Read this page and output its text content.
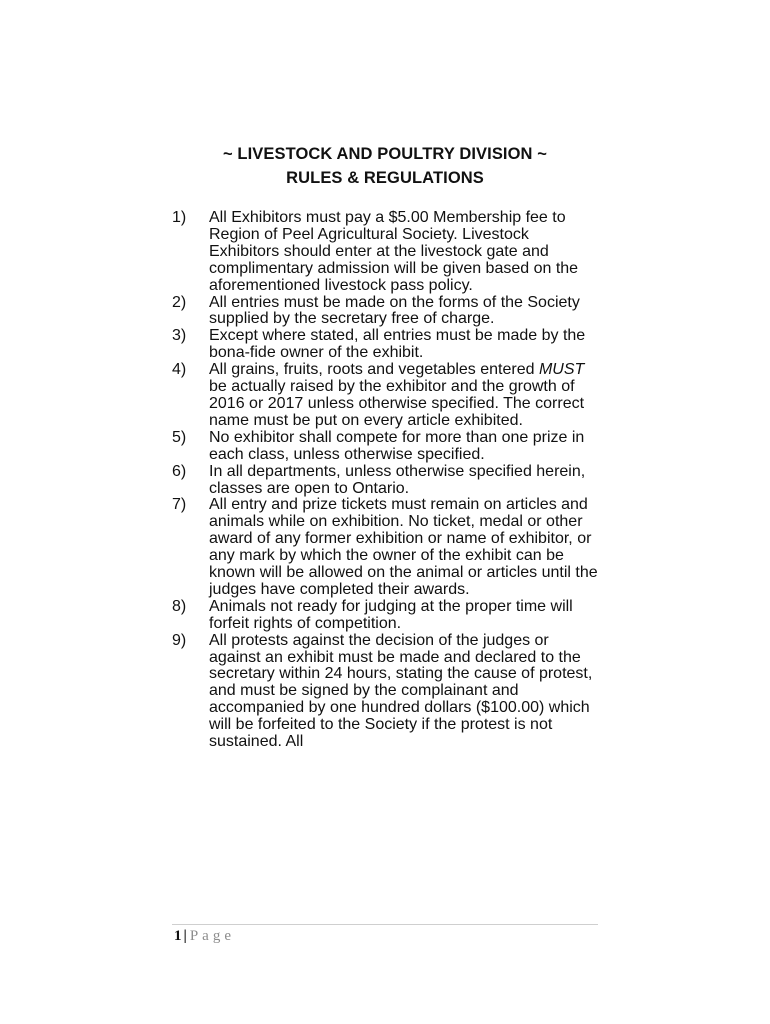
~ LIVESTOCK AND POULTRY DIVISION ~
RULES & REGULATIONS
1) All Exhibitors must pay a $5.00 Membership fee to Region of Peel Agricultural Society. Livestock Exhibitors should enter at the livestock gate and complimentary admission will be given based on the aforementioned livestock pass policy.
2) All entries must be made on the forms of the Society supplied by the secretary free of charge.
3) Except where stated, all entries must be made by the bona-fide owner of the exhibit.
4) All grains, fruits, roots and vegetables entered MUST be actually raised by the exhibitor and the growth of 2016 or 2017 unless otherwise specified. The correct name must be put on every article exhibited.
5) No exhibitor shall compete for more than one prize in each class, unless otherwise specified.
6) In all departments, unless otherwise specified herein, classes are open to Ontario.
7) All entry and prize tickets must remain on articles and animals while on exhibition. No ticket, medal or other award of any former exhibition or name of exhibitor, or any mark by which the owner of the exhibit can be known will be allowed on the animal or articles until the judges have completed their awards.
8) Animals not ready for judging at the proper time will forfeit rights of competition.
9) All protests against the decision of the judges or against an exhibit must be made and declared to the secretary within 24 hours, stating the cause of protest, and must be signed by the complainant and accompanied by one hundred dollars ($100.00) which will be forfeited to the Society if the protest is not sustained. All
1 | Page
